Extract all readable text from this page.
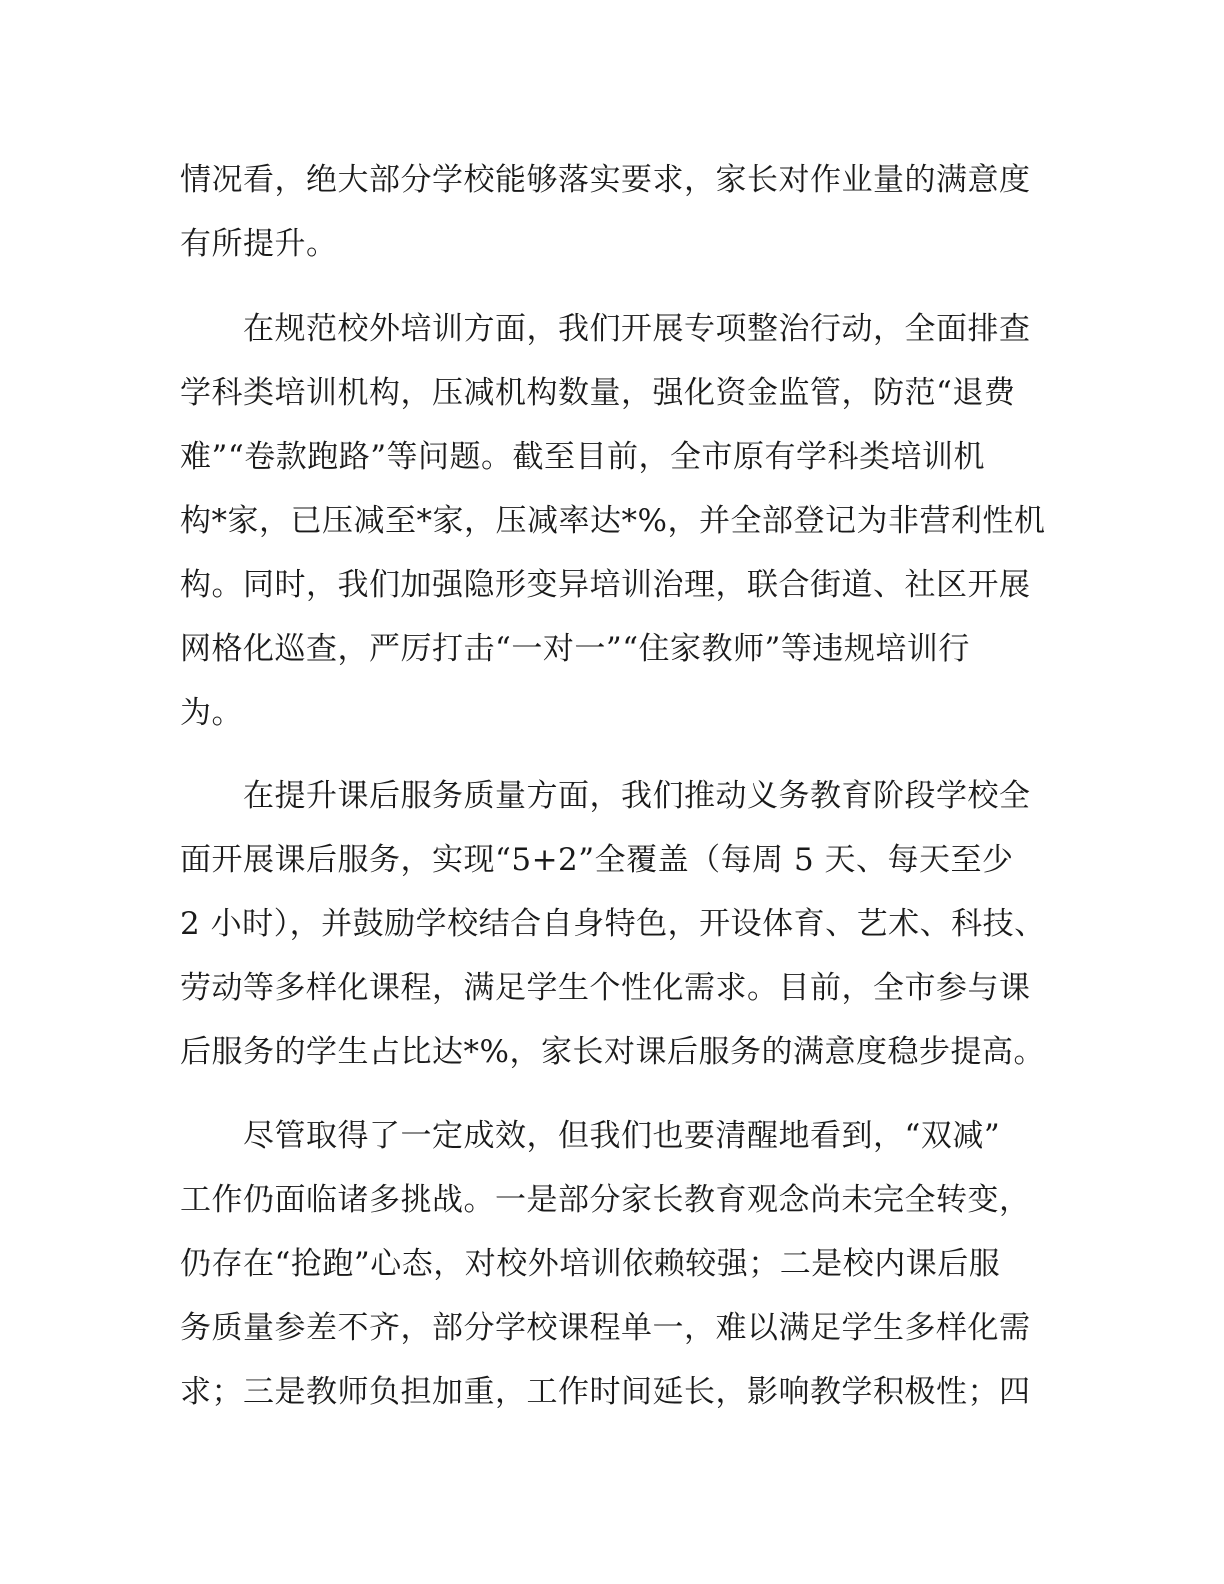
情况看，绝大部分学校能够落实要求，家长对作业量的满意度

有所提升。

在规范校外培训方面，我们开展专项整治行动，全面排查

学科类培训机构，压减机构数量，强化资金监管，防范“退费

难”“卷款跑路”等问题。截至目前，全市原有学科类培训机

构*家，已压减至*家，压减率达*%，并全部登记为非营利性机

构。同时，我们加强隐形变异培训治理，联合街道、社区开展

网格化巡查，严厉打击“一对一”“住家教师”等违规培训行

为。

在提升课后服务质量方面，我们推动义务教育阶段学校全

面开展课后服务，实现“5+2”全覆盖（每周 5 天、每天至少

2 小时），并鼓励学校结合自身特色，开设体育、艺术、科技、

劳动等多样化课程，满足学生个性化需求。目前，全市参与课

后服务的学生占比达*%，家长对课后服务的满意度稳步提高。

尽管取得了一定成效，但我们也要清醒地看到，“双减”

工作仍面临诸多挑战。一是部分家长教育观念尚未完全转变，

仍存在“抢跑”心态，对校外培训依赖较强；二是校内课后服

务质量参差不齐，部分学校课程单一，难以满足学生多样化需

求；三是教师负担加重，工作时间延长，影响教学积极性；四
